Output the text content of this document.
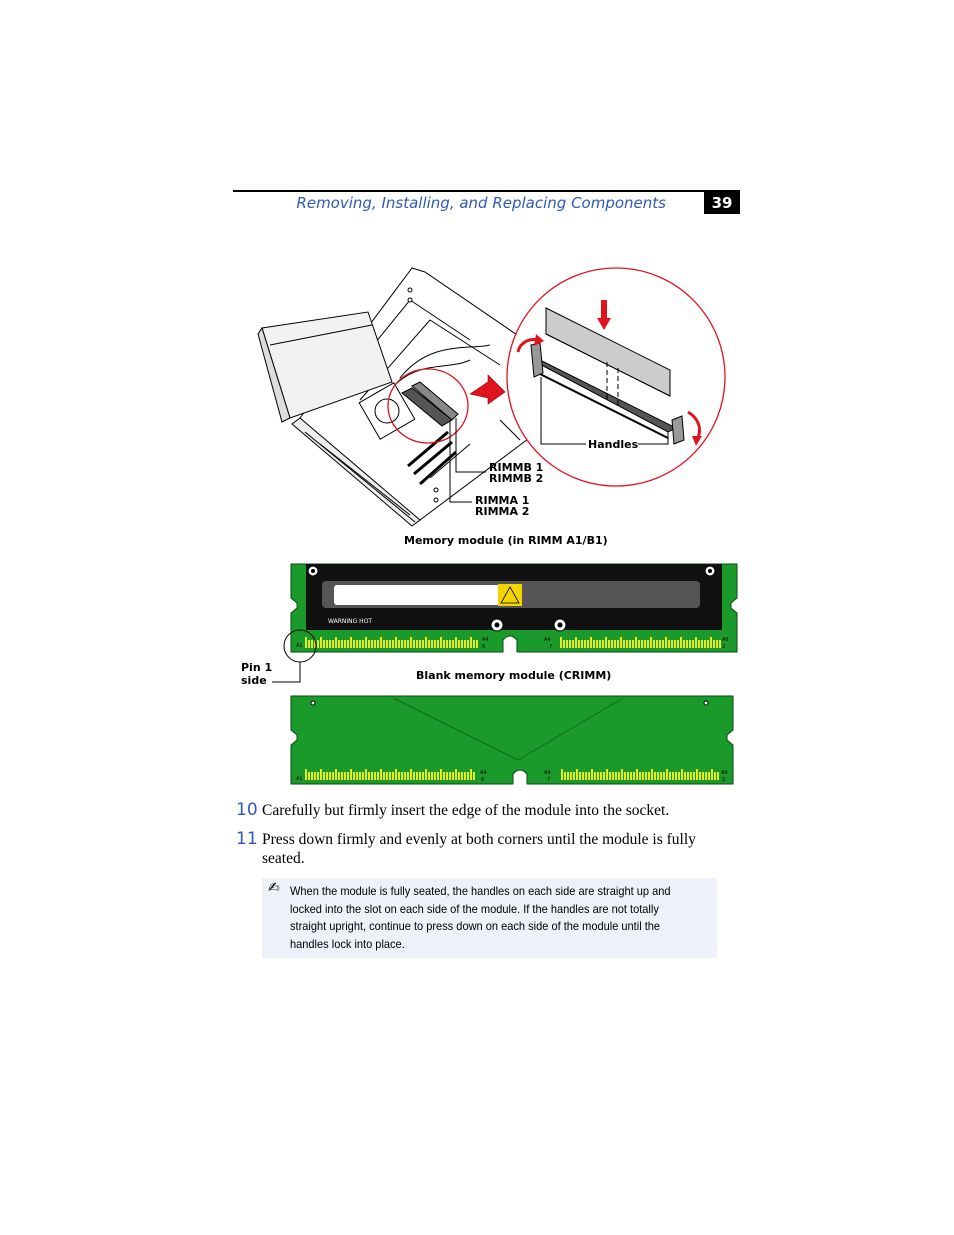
Removing, Installing, and Replacing Components	39
Handles
RIMMB 1
RIMMB 2
RIMMA 1
RIMMA 2
Memory module (in RIMM A1/B1)
WARNING HOT
A1
A4
6
A4
7
A9
2
Pin 1
side	Blank memory module (CRIMM)
A1
A4
6
A4
7
A9
2
10 Carefully but firmly insert the edge of the module into the socket.
11 Press down firmly and evenly at both corners until the module is fully seated.
✍ When the module is fully seated, the handles on each side are straight up and locked into the slot on each side of the module. If the handles are not totally straight upright, continue to press down on each side of the module until the handles lock into place.
